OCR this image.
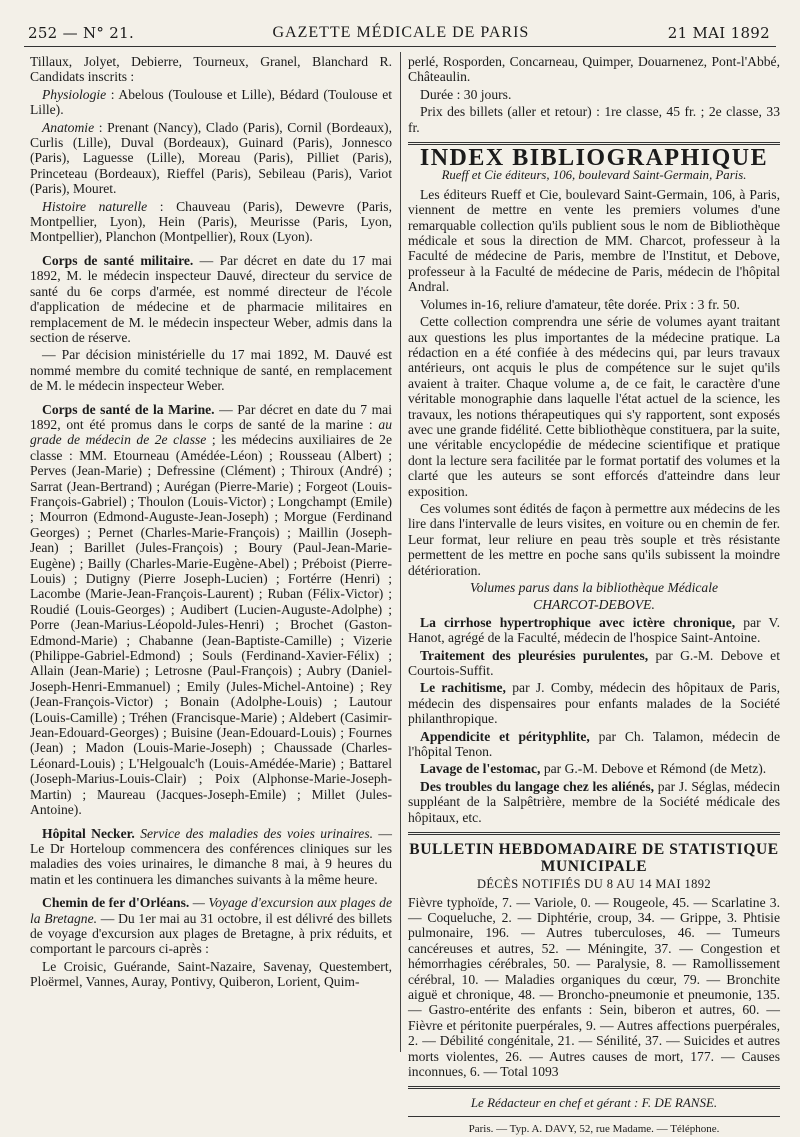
252 — N° 21.	GAZETTE MÉDICALE DE PARIS	21 MAI 1892

Tillaux, Jolyet, Debierre, Tourneux, Granel, Blanchard R. Candidats inscrits :

Physiologie : Abelous (Toulouse et Lille), Bédard (Toulouse et Lille).

Anatomie : Prenant (Nancy), Clado (Paris), Cornil (Bordeaux), Curlis (Lille), Duval (Bordeaux), Guinard (Paris), Jonnesco (Paris), Laguesse (Lille), Moreau (Paris), Pilliet (Paris), Princeteau (Bordeaux), Rieffel (Paris), Sebileau (Paris), Variot (Paris), Mouret.

Histoire naturelle : Chauveau (Paris), Dewevre (Paris, Montpellier, Lyon), Hein (Paris), Meurisse (Paris, Lyon, Montpellier), Planchon (Montpellier), Roux (Lyon).

Corps de santé militaire. — Par décret en date du 17 mai 1892, M. le médecin inspecteur Dauvé, directeur du service de santé du 6e corps d'armée, est nommé directeur de l'école d'application de médecine et de pharmacie militaires en remplacement de M. le médecin inspecteur Weber, admis dans la section de réserve.

— Par décision ministérielle du 17 mai 1892, M. Dauvé est nommé membre du comité technique de santé, en remplacement de M. le médecin inspecteur Weber.

Corps de santé de la Marine. — Par décret en date du 7 mai 1892, ont été promus dans le corps de santé de la marine : au grade de médecin de 2e classe ; les médecins auxiliaires de 2e classe : MM. Etourneau (Amédée-Léon) ; Rousseau (Albert) ; Perves (Jean-Marie) ; Defressine (Clément) ; Thiroux (André) ; Sarrat (Jean-Bertrand) ; Aurégan (Pierre-Marie) ; Forgeot (Louis-François-Gabriel) ; Thoulon (Louis-Victor) ; Longchampt (Emile) ; Mourron (Edmond-Auguste-Jean-Joseph) ; Morgue (Ferdinand Georges) ; Pernet (Charles-Marie-François) ; Maillin (Joseph-Jean) ; Barillet (Jules-François) ; Boury (Paul-Jean-Marie-Eugène) ; Bailly (Charles-Marie-Eugène-Abel) ; Préboist (Pierre-Louis) ; Dutigny (Pierre Joseph-Lucien) ; Fortérre (Henri) ; Lacombe (Marie-Jean-François-Laurent) ; Ruban (Félix-Victor) ; Roudié (Louis-Georges) ; Audibert (Lucien-Auguste-Adolphe) ; Porre (Jean-Marius-Léopold-Jules-Henri) ; Brochet (Gaston-Edmond-Marie) ; Chabanne (Jean-Baptiste-Camille) ; Vizerie (Philippe-Gabriel-Edmond) ; Souls (Ferdinand-Xavier-Félix) ; Allain (Jean-Marie) ; Letrosne (Paul-François) ; Aubry (Daniel-Joseph-Henri-Emmanuel) ; Emily (Jules-Michel-Antoine) ; Rey (Jean-François-Victor) ; Bonain (Adolphe-Louis) ; Lautour (Louis-Camille) ; Tréhen (Francisque-Marie) ; Aldebert (Casimir-Jean-Edouard-Georges) ; Buisine (Jean-Edouard-Louis) ; Fournes (Jean) ; Madon (Louis-Marie-Joseph) ; Chaussade (Charles-Léonard-Louis) ; L'Helgoualc'h (Louis-Amédée-Marie) ; Battarel (Joseph-Marius-Louis-Clair) ; Poix (Alphonse-Marie-Joseph-Martin) ; Maureau (Jacques-Joseph-Emile) ; Millet (Jules-Antoine).

Hôpital Necker. Service des maladies des voies urinaires. — Le Dr Horteloup commencera des conférences cliniques sur les maladies des voies urinaires, le dimanche 8 mai, à 9 heures du matin et les continuera les dimanches suivants à la même heure.

Chemin de fer d'Orléans. — Voyage d'excursion aux plages de la Bretagne. — Du 1er mai au 31 octobre, il est délivré des billets de voyage d'excursion aux plages de Bretagne, à prix réduits, et comportant le parcours ci-après :

Le Croisic, Guérande, Saint-Nazaire, Savenay, Questembert, Ploërmel, Vannes, Auray, Pontivy, Quiberon, Lorient, Quim-

perlé, Rosporden, Concarneau, Quimper, Douarnenez, Pont-l'Abbé, Châteaulin.

Durée : 30 jours.

Prix des billets (aller et retour) : 1re classe, 45 fr. ; 2e classe, 33 fr.

INDEX BIBLIOGRAPHIQUE
Rueff et Cie éditeurs, 106, boulevard Saint-Germain, Paris.

Les éditeurs Rueff et Cie, boulevard Saint-Germain, 106, à Paris, viennent de mettre en vente les premiers volumes d'une remarquable collection qu'ils publient sous le nom de Bibliothèque médicale et sous la direction de MM. Charcot, professeur à la Faculté de médecine de Paris, membre de l'Institut, et Debove, professeur à la Faculté de médecine de Paris, médecin de l'hôpital Andral.

Volumes in-16, reliure d'amateur, tête dorée. Prix : 3 fr. 50.

Cette collection comprendra une série de volumes ayant traitant aux questions les plus importantes de la médecine pratique. La rédaction en a été confiée à des médecins qui, par leurs travaux antérieurs, ont acquis le plus de compétence sur le sujet qu'ils avaient à traiter. Chaque volume a, de ce fait, le caractère d'une véritable monographie dans laquelle l'état actuel de la science, les travaux, les notions thérapeutiques qui s'y rapportent, sont exposés avec une grande fidélité. Cette bibliothèque constituera, par la suite, une véritable encyclopédie de médecine scientifique et pratique dont la lecture sera facilitée par le format portatif des volumes et la clarté que les auteurs se sont efforcés d'atteindre dans leur exposition.

Ces volumes sont édités de façon à permettre aux médecins de les lire dans l'intervalle de leurs visites, en voiture ou en chemin de fer. Leur format, leur reliure en peau très souple et très résistante permettent de les mettre en poche sans qu'ils subissent la moindre détérioration.

Volumes parus dans la bibliothèque Médicale

CHARCOT-DEBOVE.

La cirrhose hypertrophique avec ictère chronique, par V. Hanot, agrégé de la Faculté, médecin de l'hospice Saint-Antoine.

Traitement des pleurésies purulentes, par G.-M. Debove et Courtois-Suffit.

Le rachitisme, par J. Comby, médecin des hôpitaux de Paris, médecin des dispensaires pour enfants malades de la Société philanthropique.

Appendicite et pérityphlite, par Ch. Talamon, médecin de l'hôpital Tenon.

Lavage de l'estomac, par G.-M. Debove et Rémond (de Metz).

Des troubles du langage chez les aliénés, par J. Séglas, médecin suppléant de la Salpêtrière, membre de la Société médicale des hôpitaux, etc.

BULLETIN HEBDOMADAIRE DE STATISTIQUE
MUNICIPALE
DÉCÈS NOTIFIÉS DU 8 AU 14 MAI 1892

Fièvre typhoïde, 7. — Variole, 0. — Rougeole, 45. — Scarlatine 3. — Coqueluche, 2. — Diphtérie, croup, 34. — Grippe, 3. Phtisie pulmonaire, 196. — Autres tuberculoses, 46. — Tumeurs cancéreuses et autres, 52. — Méningite, 37. — Congestion et hémorrhagies cérébrales, 50. — Paralysie, 8. — Ramollissement cérébral, 10. — Maladies organiques du cœur, 79. — Bronchite aiguë et chronique, 48. — Broncho-pneumonie et pneumonie, 135. — Gastro-entérite des enfants : Sein, biberon et autres, 60. — Fièvre et péritonite puerpérales, 9. — Autres affections puerpérales, 2. — Débilité congénitale, 21. — Sénilité, 37. — Suicides et autres morts violentes, 26. — Autres causes de mort, 177. — Causes inconnues, 6. — Total 1093

Le Rédacteur en chef et gérant : F. DE RANSE.
Paris. — Typ. A. DAVY, 52, rue Madame. — Téléphone.
